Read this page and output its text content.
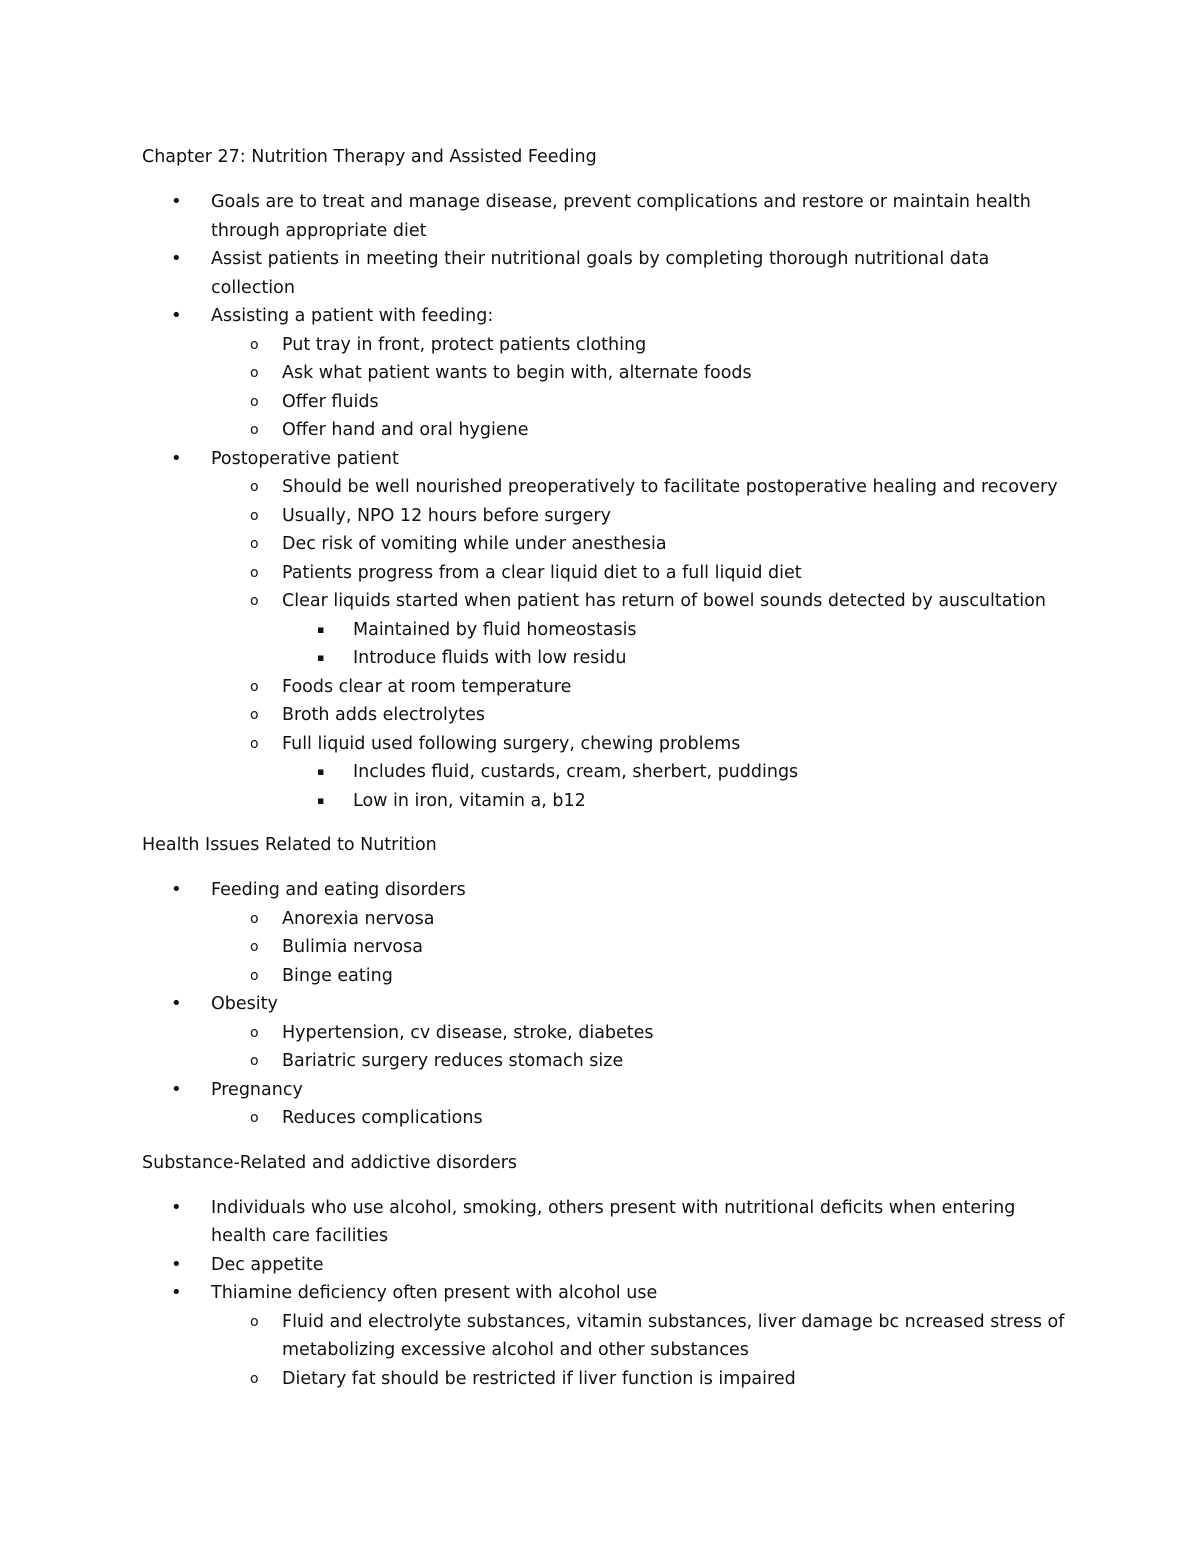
Chapter 27: Nutrition Therapy and Assisted Feeding
• Goals are to treat and manage disease, prevent complications and restore or maintain health through appropriate diet
• Assist patients in meeting their nutritional goals by completing thorough nutritional data collection
• Assisting a patient with feeding:
o Put tray in front, protect patients clothing
o Ask what patient wants to begin with, alternate foods
o Offer fluids
o Offer hand and oral hygiene
• Postoperative patient
o Should be well nourished preoperatively to facilitate postoperative healing and recovery
o Usually, NPO 12 hours before surgery
o Dec risk of vomiting while under anesthesia
o Patients progress from a clear liquid diet to a full liquid diet
o Clear liquids started when patient has return of bowel sounds detected by auscultation
▪ Maintained by fluid homeostasis
▪ Introduce fluids with low residu
o Foods clear at room temperature
o Broth adds electrolytes
o Full liquid used following surgery, chewing problems
▪ Includes fluid, custards, cream, sherbert, puddings
▪ Low in iron, vitamin a, b12
Health Issues Related to Nutrition
• Feeding and eating disorders
o Anorexia nervosa
o Bulimia nervosa
o Binge eating
• Obesity
o Hypertension, cv disease, stroke, diabetes
o Bariatric surgery reduces stomach size
• Pregnancy
o Reduces complications
Substance-Related and addictive disorders
• Individuals who use alcohol, smoking, others present with nutritional deficits when entering health care facilities
• Dec appetite
• Thiamine deficiency often present with alcohol use
o Fluid and electrolyte substances, vitamin substances, liver damage bc ncreased stress of metabolizing excessive alcohol and other substances
o Dietary fat should be restricted if liver function is impaired
